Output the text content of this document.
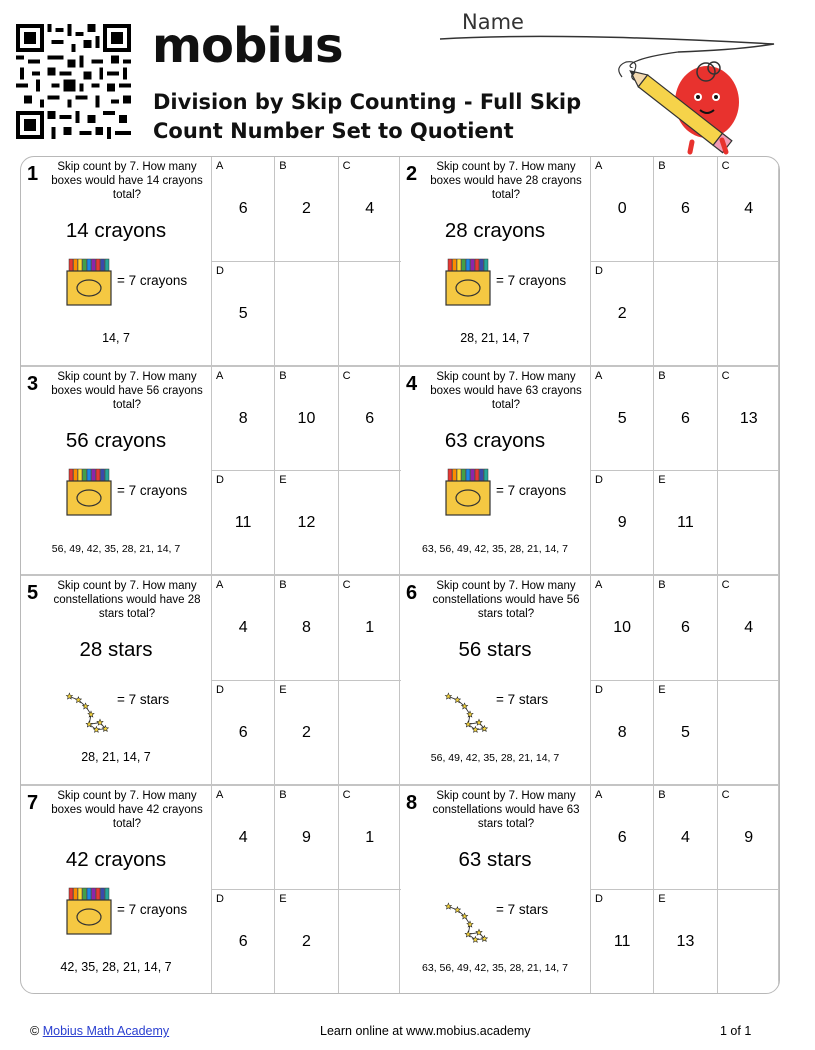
mobius
Division by Skip Counting - Full Skip Count Number Set to Quotient
Name
1	Skip count by 7. How many boxes would have 14 crayons total?
14 crayons
= 7 crayons
14, 7
A
6
B
2
C
4
D
5
2	Skip count by 7. How many boxes would have 28 crayons total?
28 crayons
= 7 crayons
28, 21, 14, 7
A
0
B
6
C
4
D
2
3	Skip count by 7. How many boxes would have 56 crayons total?
56 crayons
= 7 crayons
56, 49, 42, 35, 28, 21, 14, 7
A
8
B
10
C
6
D
11
E
12
4	Skip count by 7. How many boxes would have 63 crayons total?
63 crayons
= 7 crayons
63, 56, 49, 42, 35, 28, 21, 14, 7
A
5
B
6
C
13
D
9
E
11
5	Skip count by 7. How many constellations would have 28 stars total?
28 stars
= 7 stars
28, 21, 14, 7
A
4
B
8
C
1
D
6
E
2
6	Skip count by 7. How many constellations would have 56 stars total?
56 stars
= 7 stars
56, 49, 42, 35, 28, 21, 14, 7
A
10
B
6
C
4
D
8
E
5
7	Skip count by 7. How many boxes would have 42 crayons total?
42 crayons
= 7 crayons
42, 35, 28, 21, 14, 7
A
4
B
9
C
1
D
6
E
2
8	Skip count by 7. How many constellations would have 63 stars total?
63 stars
= 7 stars
63, 56, 49, 42, 35, 28, 21, 14, 7
A
6
B
4
C
9
D
11
E
13
© Mobius Math Academy	Learn online at www.mobius.academy	1 of 1
